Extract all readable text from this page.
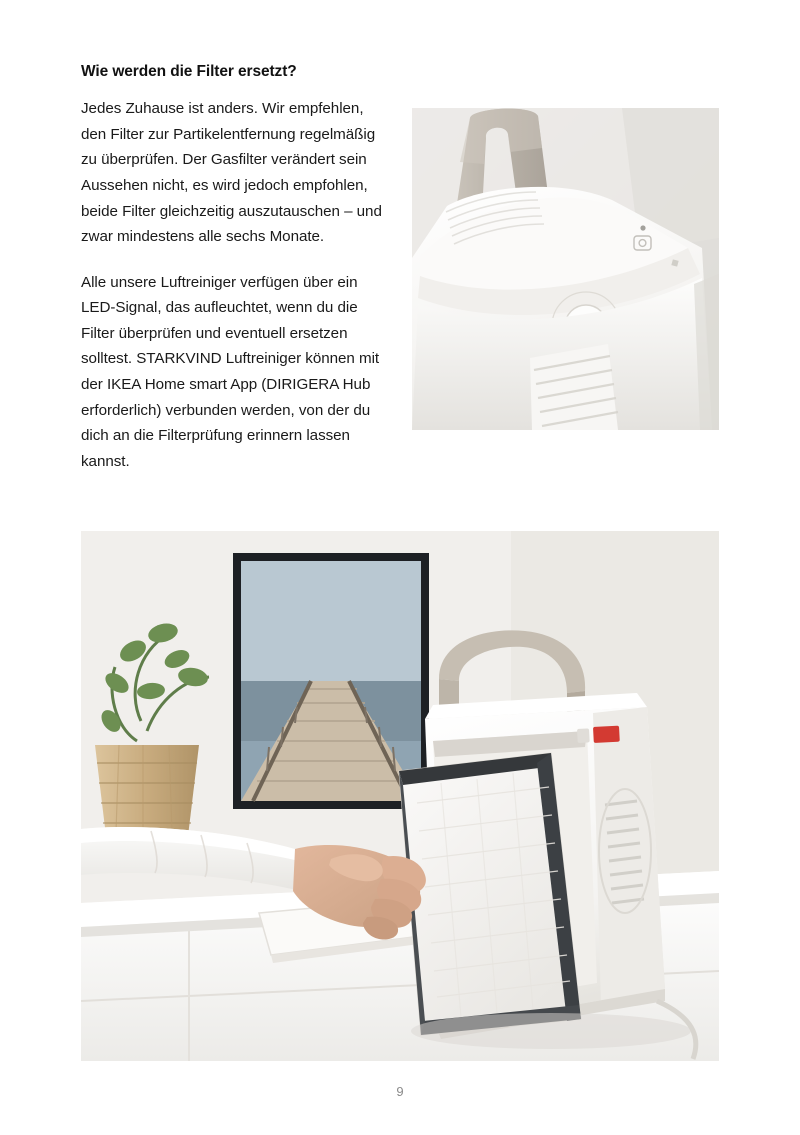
Wie werden die Filter ersetzt?

Jedes Zuhause ist anders. Wir empfehlen, den Filter zur Partikelentfernung regelmäßig zu überprüfen. Der Gasfilter verändert sein Aussehen nicht, es wird jedoch empfohlen, beide Filter gleichzeitig auszutauschen – und zwar mindestens alle sechs Monate.

Alle unsere Luftreiniger verfügen über ein LED-Signal, das aufleuchtet, wenn du die Filter überprüfen und eventuell ersetzen solltest. STARKVIND Luftreiniger können mit der IKEA Home smart App (DIRIGERA Hub erforderlich) verbunden werden, von der du dich an die Filterprüfung erinnern lassen kannst.

9
